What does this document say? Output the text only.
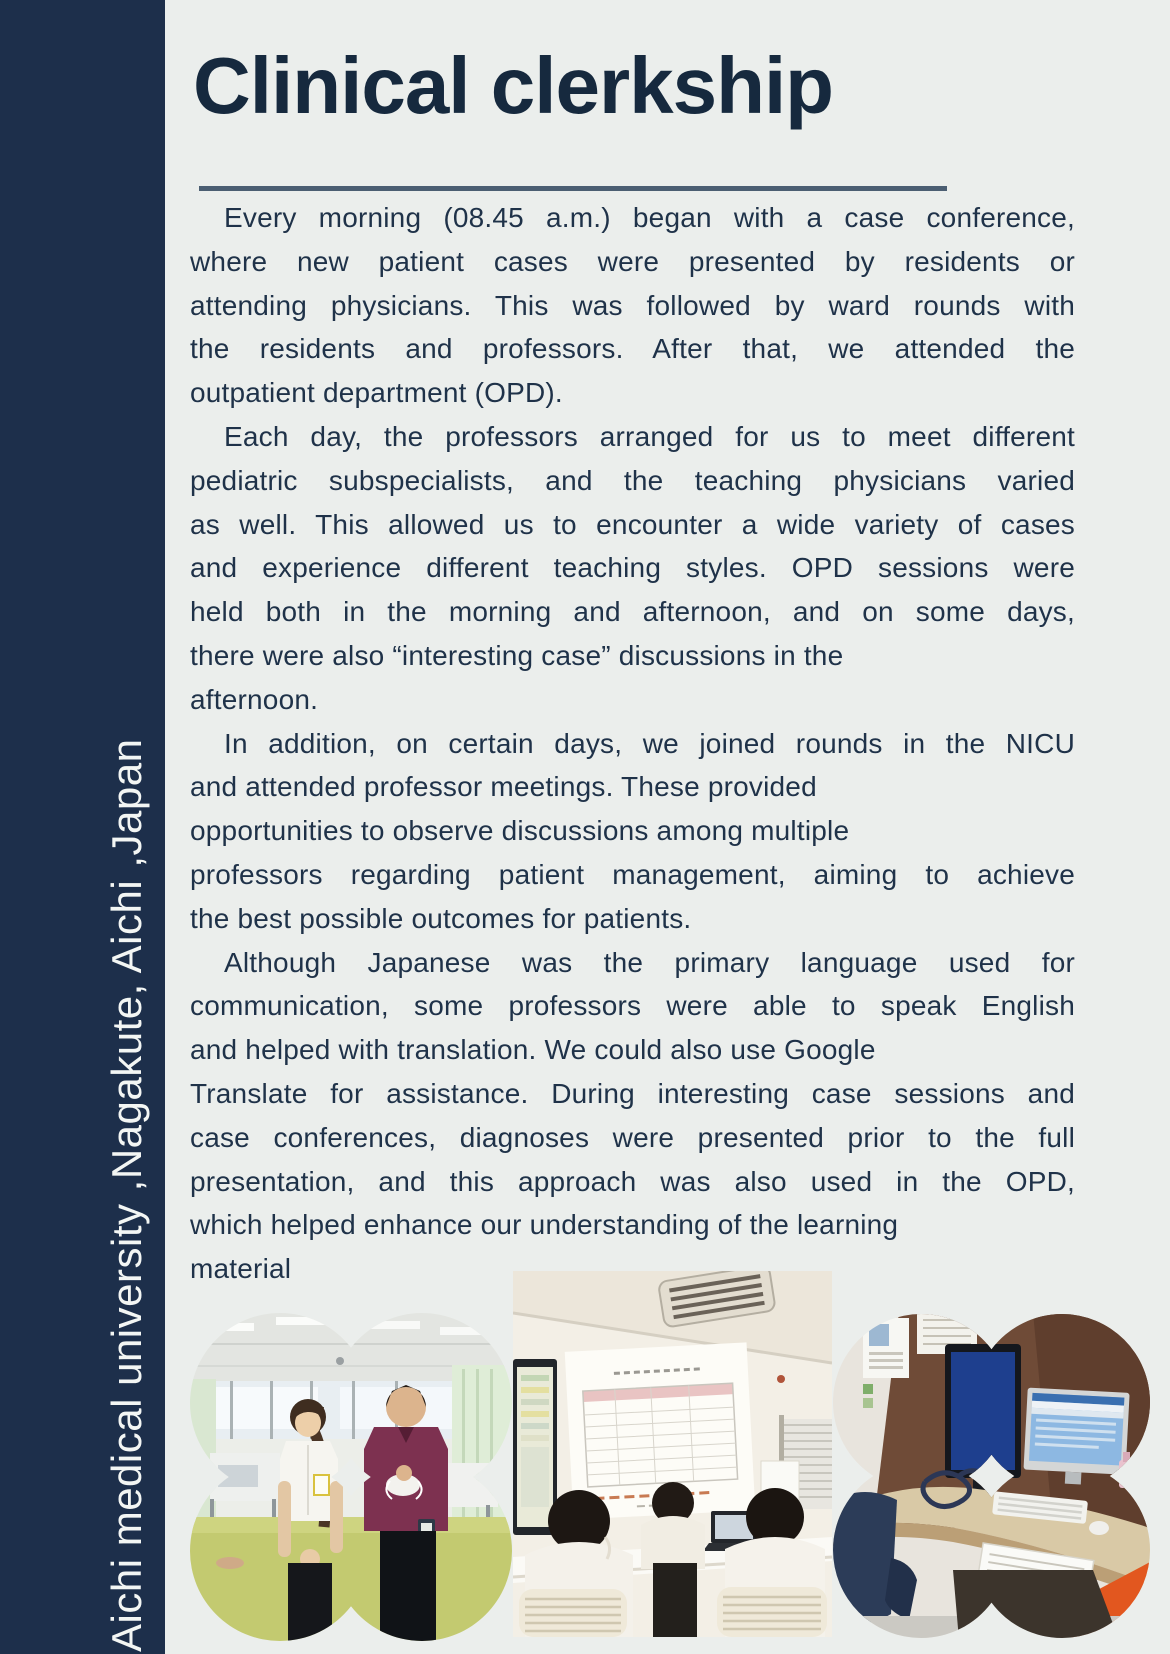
Aichi medical university ,Nagakute, Aichi ,Japan
Clinical clerkship
Every morning (08.45 a.m.) began with a case conference,
where new patient cases were presented by residents or
attending physicians. This was followed by ward rounds with
the residents and professors. After that, we attended the
outpatient department (OPD).
Each day, the professors arranged for us to meet different
pediatric subspecialists, and the teaching physicians varied
as well. This allowed us to encounter a wide variety of cases
and experience different teaching styles. OPD sessions were
held both in the morning and afternoon, and on some days,
there were also “interesting case” discussions in the
afternoon.
In addition, on certain days, we joined rounds in the NICU
and attended professor meetings. These provided
opportunities to observe discussions among multiple
professors regarding patient management, aiming to achieve
the best possible outcomes for patients.
Although Japanese was the primary language used for
communication, some professors were able to speak English
and helped with translation. We could also use Google
Translate for assistance. During interesting case sessions and
case conferences, diagnoses were presented prior to the full
presentation, and this approach was also used in the OPD,
which helped enhance our understanding of the learning
material
